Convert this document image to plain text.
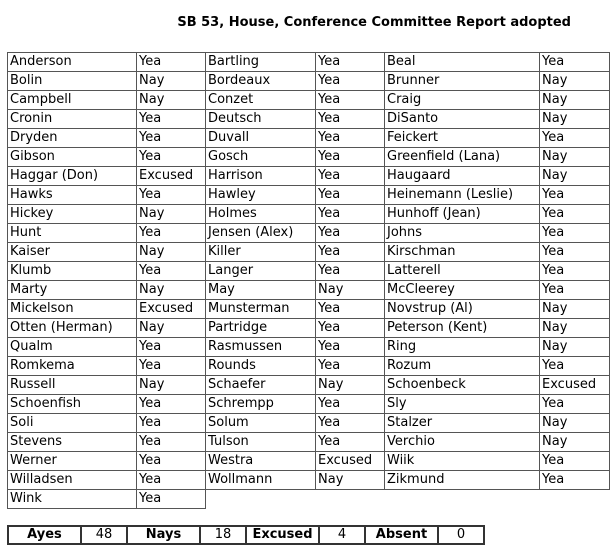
SB 53, House, Conference Committee Report adopted
Anderson	Yea	Bartling	Yea	Beal	Yea
Bolin	Nay	Bordeaux	Yea	Brunner	Nay
Campbell	Nay	Conzet	Yea	Craig	Nay
Cronin	Yea	Deutsch	Yea	DiSanto	Nay
Dryden	Yea	Duvall	Yea	Feickert	Yea
Gibson	Yea	Gosch	Yea	Greenfield (Lana)	Nay
Haggar (Don)	Excused	Harrison	Yea	Haugaard	Nay
Hawks	Yea	Hawley	Yea	Heinemann (Leslie)	Yea
Hickey	Nay	Holmes	Yea	Hunhoff (Jean)	Yea
Hunt	Yea	Jensen (Alex)	Yea	Johns	Yea
Kaiser	Nay	Killer	Yea	Kirschman	Yea
Klumb	Yea	Langer	Yea	Latterell	Yea
Marty	Nay	May	Nay	McCleerey	Yea
Mickelson	Excused	Munsterman	Yea	Novstrup (Al)	Nay
Otten (Herman)	Nay	Partridge	Yea	Peterson (Kent)	Nay
Qualm	Yea	Rasmussen	Yea	Ring	Nay
Romkema	Yea	Rounds	Yea	Rozum	Yea
Russell	Nay	Schaefer	Nay	Schoenbeck	Excused
Schoenfish	Yea	Schrempp	Yea	Sly	Yea
Soli	Yea	Solum	Yea	Stalzer	Nay
Stevens	Yea	Tulson	Yea	Verchio	Nay
Werner	Yea	Westra	Excused	Wiik	Yea
Willadsen	Yea	Wollmann	Nay	Zikmund	Yea
Wink	Yea				
Ayes	48	Nays	18	Excused	4	Absent	0
